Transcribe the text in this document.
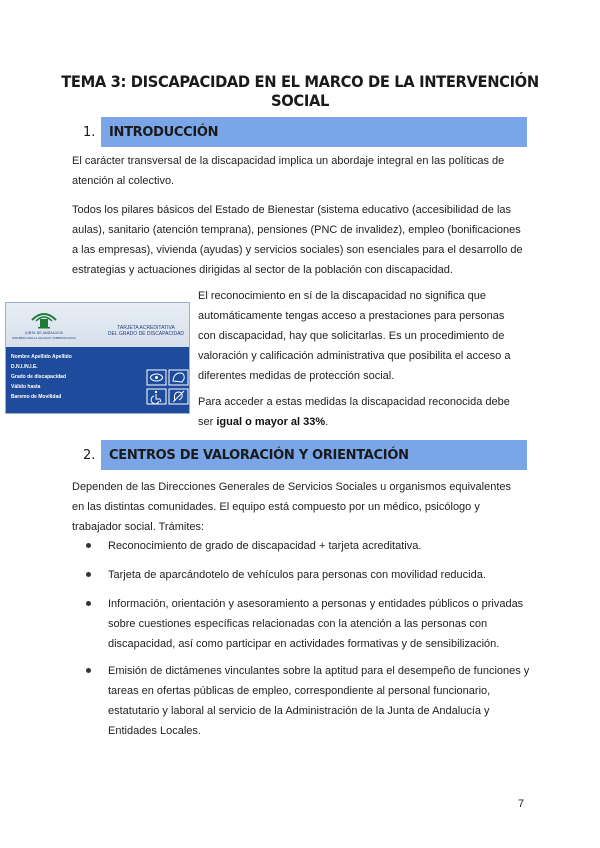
TEMA 3: DISCAPACIDAD EN EL MARCO DE LA INTERVENCIÓN SOCIAL
1.	INTRODUCCIÓN

El carácter transversal de la discapacidad implica un abordaje integral en las políticas de atención al colectivo.

Todos los pilares básicos del Estado de Bienestar (sistema educativo (accesibilidad de las aulas), sanitario (atención temprana), pensiones (PNC de invalidez), empleo (bonificaciones a las empresas), vivienda (ayudas) y servicios sociales) son esenciales para el desarrollo de estrategias y actuaciones dirigidas al sector de la población con discapacidad.

El reconocimiento en sí de la discapacidad no significa que automáticamente tengas acceso a prestaciones para personas con discapacidad, hay que solicitarlas. Es un procedimiento de valoración y calificación administrativa que posibilita el acceso a diferentes medidas de protección social.

Para acceder a estas medidas la discapacidad reconocida debe ser igual o mayor al 33%.

JUNTA DE ANDALUCIA
CONSEJERÍA PARA LA IGUALDAD Y BIENESTAR SOCIAL
TARJETA ACREDITATIVA
DEL GRADO DE DISCAPACIDAD
Nombre Apellido Apellido
D.N.I./N.I.E.
Grado de discapacidad
Válido hasta
Baremo de Movilidad
2.	CENTROS DE VALORACIÓN Y ORIENTACIÓN

Dependen de las Direcciones Generales de Servicios Sociales u organismos equivalentes en las distintas comunidades. El equipo está compuesto por un médico, psicólogo y trabajador social. Trámites:

Reconocimiento de grado de discapacidad + tarjeta acreditativa.
Tarjeta de aparcándotelo de vehículos para personas con movilidad reducida.
Información, orientación y asesoramiento a personas y entidades públicos o privadas sobre cuestiones específicas relacionadas con la atención a las personas con discapacidad, así como participar en actividades formativas y de sensibilización.
Emisión de dictámenes vinculantes sobre la aptitud para el desempeño de funciones y tareas en ofertas públicas de empleo, correspondiente al personal funcionario, estatutario y laboral al servicio de la Administración de la Junta de Andalucía y Entidades Locales.
7
